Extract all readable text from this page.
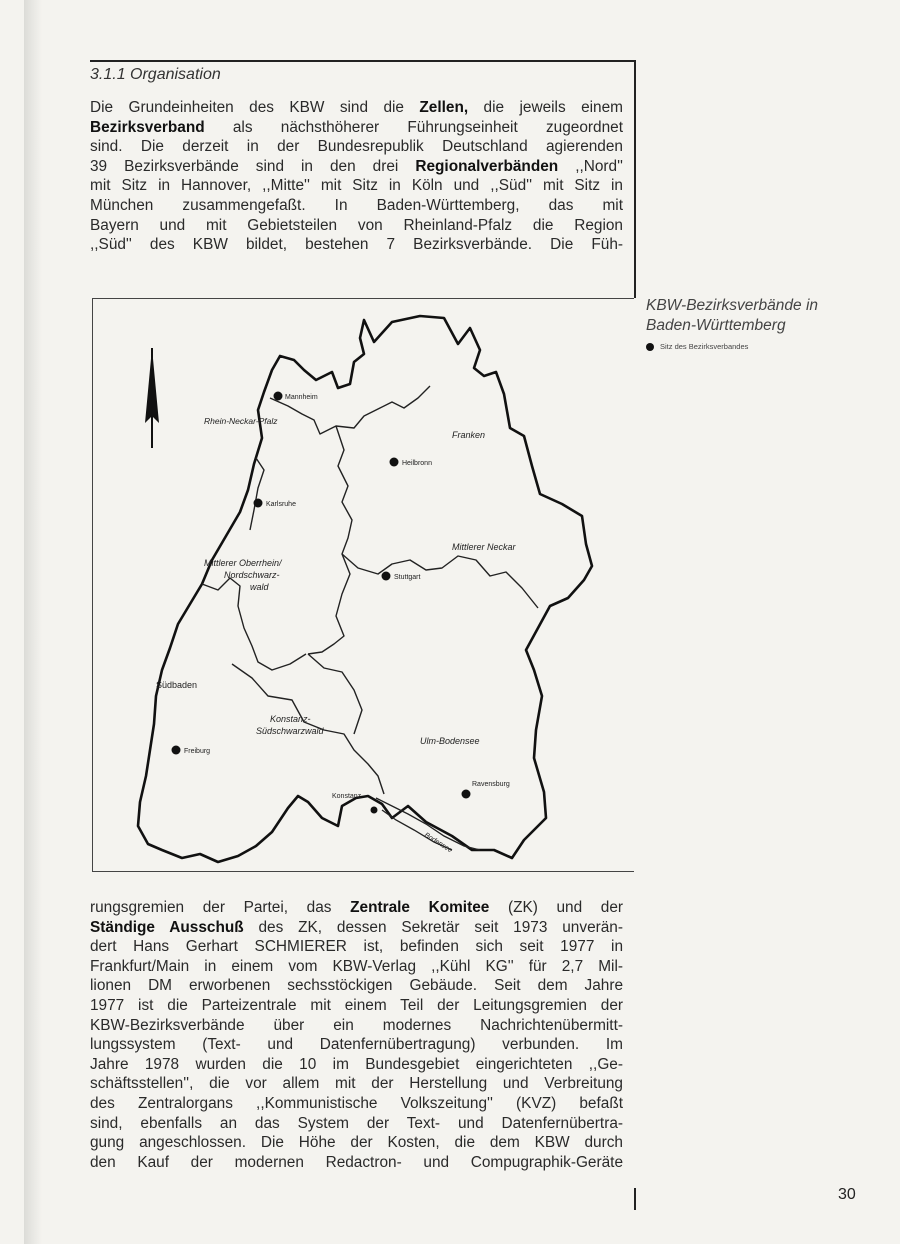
3.1.1 Organisation
Die Grundeinheiten des KBW sind die Zellen, die jeweils einem
Bezirksverband als nächsthöherer Führungseinheit zugeordnet
sind. Die derzeit in der Bundesrepublik Deutschland agierenden
39 Bezirksverbände sind in den drei Regionalverbänden ,,Nord''
mit Sitz in Hannover, ,,Mitte'' mit Sitz in Köln und ,,Süd'' mit Sitz in
München zusammengefaßt. In Baden-Württemberg, das mit
Bayern und mit Gebietsteilen von Rheinland-Pfalz die Region
,,Süd'' des KBW bildet, bestehen 7 Bezirksverbände. Die Füh-
Bodensee
Rhein-Neckar-Pfalz
Franken
Mittlerer Neckar
Mittlerer Oberrhein/
Nordschwarz-
wald
Südbaden
Konstanz-
Südschwarzwald
Ulm-Bodensee
Mannheim
Heilbronn
Karlsruhe
Stuttgart
Freiburg
Ravensburg
Konstanz
KBW-Bezirksverbände in
Baden-Württemberg
Sitz des Bezirksverbandes
rungsgremien der Partei, das Zentrale Komitee (ZK) und der
Ständige Ausschuß des ZK, dessen Sekretär seit 1973 unverän-
dert Hans Gerhart SCHMIERER ist, befinden sich seit 1977 in
Frankfurt/Main in einem vom KBW-Verlag ,,Kühl KG'' für 2,7 Mil-
lionen DM erworbenen sechsstöckigen Gebäude. Seit dem Jahre
1977 ist die Parteizentrale mit einem Teil der Leitungsgremien der
KBW-Bezirksverbände über ein modernes Nachrichtenübermitt-
lungssystem (Text- und Datenfernübertragung) verbunden. Im
Jahre 1978 wurden die 10 im Bundesgebiet eingerichteten ,,Ge-
schäftsstellen'', die vor allem mit der Herstellung und Verbreitung
des Zentralorgans ,,Kommunistische Volkszeitung'' (KVZ) befaßt
sind, ebenfalls an das System der Text- und Datenfernübertra-
gung angeschlossen. Die Höhe der Kosten, die dem KBW durch
den Kauf der modernen Redactron- und Compugraphik-Geräte
30
